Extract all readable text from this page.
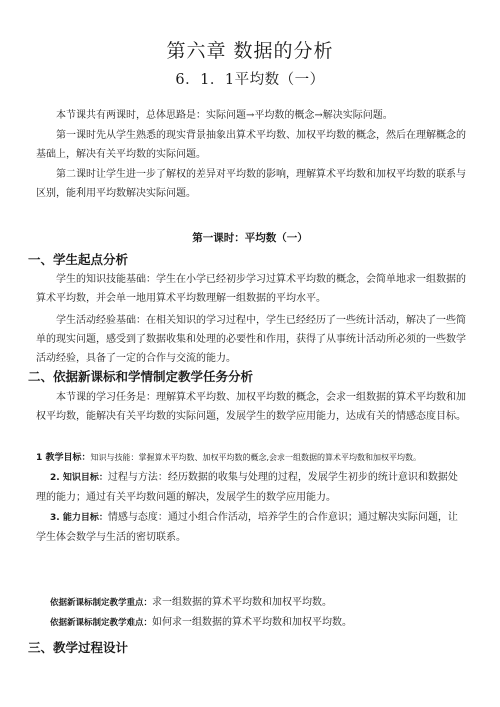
第六章 数据的分析
6．1．1平均数（一）

本节课共有两课时，总体思路是：实际问题→平均数的概念→解决实际问题。

第一课时先从学生熟悉的现实背景抽象出算术平均数、加权平均数的概念，然后在理解概念的基础上，解决有关平均数的实际问题。

第二课时让学生进一步了解权的差异对平均数的影响，理解算术平均数和加权平均数的联系与区别，能利用平均数解决实际问题。

第一课时：平均数（一）
一、学生起点分析

学生的知识技能基础：学生在小学已经初步学习过算术平均数的概念，会简单地求一组数据的算术平均数，并会单一地用算术平均数理解一组数据的平均水平。

学生活动经验基础：在相关知识的学习过程中，学生已经经历了一些统计活动，解决了一些简单的现实问题，感受到了数据收集和处理的必要性和作用，获得了从事统计活动所必须的一些数学活动经验，具备了一定的合作与交流的能力。

二、依据新课标和学情制定教学任务分析

本节课的学习任务是：理解算术平均数、加权平均数的概念，会求一组数据的算术平均数和加权平均数，能解决有关平均数的实际问题，发展学生的数学应用能力，达成有关的情感态度目标。

1 教学目标：知识与技能：掌握算术平均数、加权平均数的概念,会求一组数据的算术平均数和加权平均数。

2. 知识目标：过程与方法：经历数据的收集与处理的过程，发展学生初步的统计意识和数据处理的能力；通过有关平均数问题的解决，发展学生的数学应用能力。

3. 能力目标：情感与态度：通过小组合作活动，培养学生的合作意识；通过解决实际问题，让学生体会数学与生活的密切联系。

依据新课标制定教学重点：求一组数据的算术平均数和加权平均数。

依据新课标制定教学难点：如何求一组数据的算术平均数和加权平均数。

三、教学过程设计
